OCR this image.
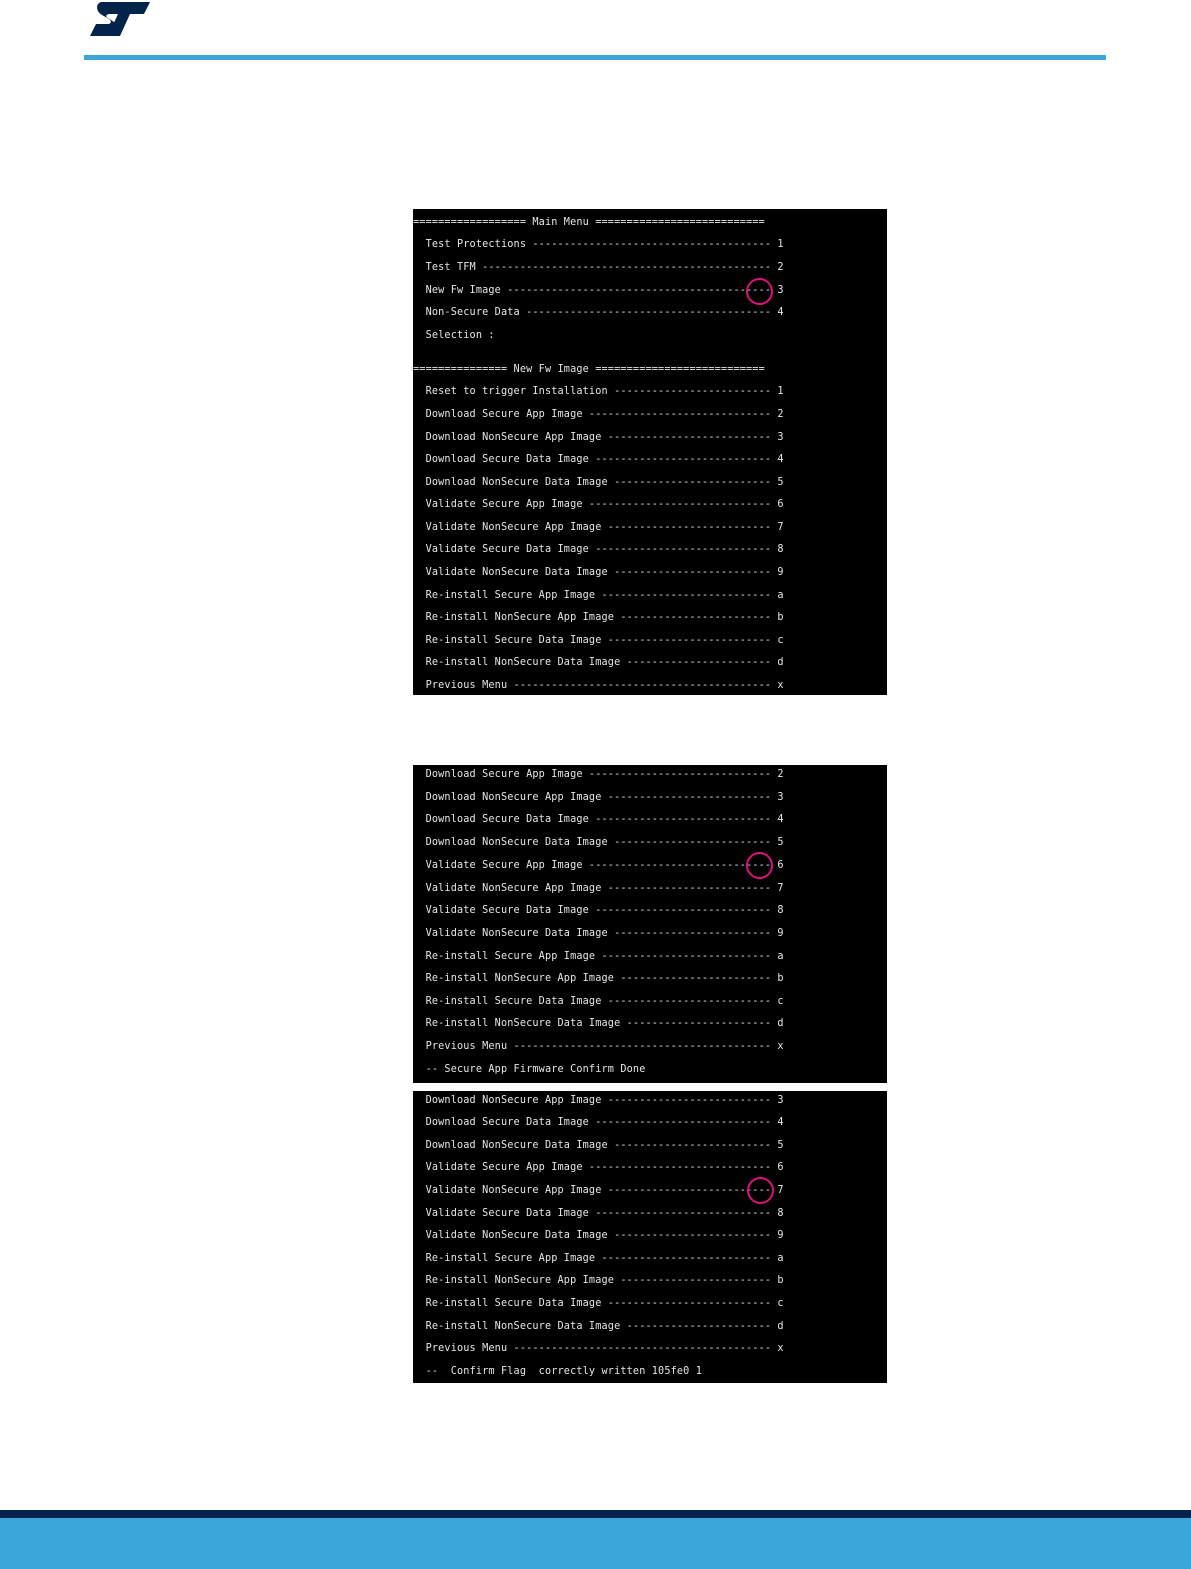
================== Main Menu ===========================
Test Protections -------------------------------------- 1
Test TFM ---------------------------------------------- 2
New Fw Image ------------------------------------------ 3
Non-Secure Data --------------------------------------- 4
Selection :
=============== New Fw Image ===========================
Reset to trigger Installation ------------------------- 1
Download Secure App Image ----------------------------- 2
Download NonSecure App Image -------------------------- 3
Download Secure Data Image ---------------------------- 4
Download NonSecure Data Image ------------------------- 5
Validate Secure App Image ----------------------------- 6
Validate NonSecure App Image -------------------------- 7
Validate Secure Data Image ---------------------------- 8
Validate NonSecure Data Image ------------------------- 9
Re-install Secure App Image --------------------------- a
Re-install NonSecure App Image ------------------------ b
Re-install Secure Data Image -------------------------- c
Re-install NonSecure Data Image ----------------------- d
Previous Menu ----------------------------------------- x
Download Secure App Image ----------------------------- 2
Download NonSecure App Image -------------------------- 3
Download Secure Data Image ---------------------------- 4
Download NonSecure Data Image ------------------------- 5
Validate Secure App Image ----------------------------- 6
Validate NonSecure App Image -------------------------- 7
Validate Secure Data Image ---------------------------- 8
Validate NonSecure Data Image ------------------------- 9
Re-install Secure App Image --------------------------- a
Re-install NonSecure App Image ------------------------ b
Re-install Secure Data Image -------------------------- c
Re-install NonSecure Data Image ----------------------- d
Previous Menu ----------------------------------------- x
-- Secure App Firmware Confirm Done
Download NonSecure App Image -------------------------- 3
Download Secure Data Image ---------------------------- 4
Download NonSecure Data Image ------------------------- 5
Validate Secure App Image ----------------------------- 6
Validate NonSecure App Image -------------------------- 7
Validate Secure Data Image ---------------------------- 8
Validate NonSecure Data Image ------------------------- 9
Re-install Secure App Image --------------------------- a
Re-install NonSecure App Image ------------------------ b
Re-install Secure Data Image -------------------------- c
Re-install NonSecure Data Image ----------------------- d
Previous Menu ----------------------------------------- x
--  Confirm Flag  correctly written 105fe0 1
